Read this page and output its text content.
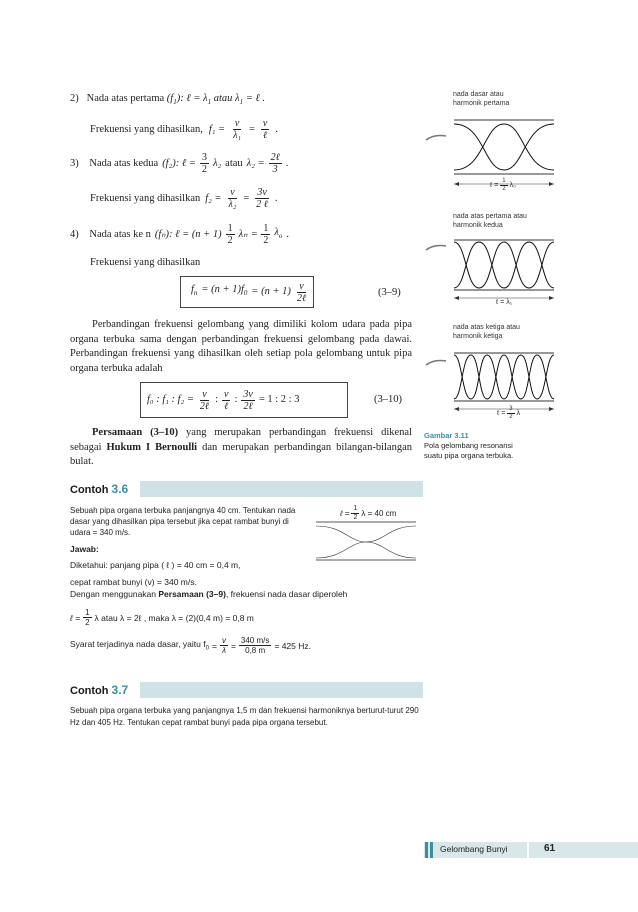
2) Nada atas pertama $(f_1)$: ℓ = $\lambda_1$ atau $\lambda_1$ = ℓ .
Frekuensi yang dihasilkan, $f_1 = \frac{v}{\text{λ₁}} = \frac{v}{\text{ℓ}}$ .
3)
Nada atas kedua (f₂): ℓ = $\frac{3}{2} \lambda_2$ atau $\lambda_2 = \frac{\text{2ℓ}}{3}$ .
Frekuensi yang dihasilkan $f_2 = \frac{v}{\text{λ₂}} = \frac{3v}{\text{2 ℓ}}$ .
4)
Nada atas ke n (fₙ): ℓ = $(n + 1) \frac{1}{2}$ $\lambda_n = \frac{1}{2} \lambda_o$ .
Frekuensi yang dihasilkan
$f_n = (n + 1)f_0 = (n + 1) \frac{v}{\text{2ℓ}}$	(3–9)
Perbandingan frekuensi gelombang yang dimiliki kolom udara pada pipa organa terbuka sama dengan perbandingan frekuensi gelombang pada dawai. Perbandingan frekuensi yang dihasilkan oleh setiap pola gelombang untuk pipa organa terbuka adalah
f₀ : f₁ : $f_2 = \frac{v}{\text{2ℓ}}$ : $\frac{v}{\text{ℓ}}$ : $\frac{3v}{\text{2ℓ}} = 1$ : 2 : 3	(3–10)
Persamaan (3–10) yang merupakan perbandingan frekuensi dikenal sebagai Hukum I Bernoulli dan merupakan perbandingan bilangan-bilangan bulat.
Contoh 3.6
Sebuah pipa organa terbuka panjangnya 40 cm. Tentukan nada dasar yang dihasilkan pipa tersebut jika cepat rambat bunyi di udara = 340 m/s.
ℓ = $\frac{1}{2}$ λ = 40 cm
Jawab:
Diketahui: panjang pipa ( ℓ ) = 40 cm = 0,4 m,
cepat rambat bunyi (v) = 340 m/s.
Dengan menggunakan Persamaan (3–9), frekuensi nada dasar diperoleh
ℓ = $\frac{1}{2}$ λ atau λ = 2ℓ , maka λ = (2)(0,4 m) = 0,8 m
Syarat terjadinya nada dasar, yaitu $f_0 = \frac{v}{\lambda} = \frac{340 m/s}{0,8 m} = 425$ Hz.
Contoh 3.7
Sebuah pipa organa terbuka yang panjangnya 1,5 m dan frekuensi harmoniknya berturut-turut 290 Hz dan 405 Hz. Tentukan cepat rambat bunyi pada pipa organa tersebut.
nada dasar atau
harmonik pertama
ℓ = $\frac{1}{2} \lambda_0$
nada atas pertama atau
harmonik kedua
ℓ = λ₁
nada atas ketiga atau
harmonik ketiga
ℓ = $\frac{3}{2}$ λ
Gambar 3.11
Pola gelombang resonansi
suatu pipa organa terbuka.
Gelombang Bunyi	61
